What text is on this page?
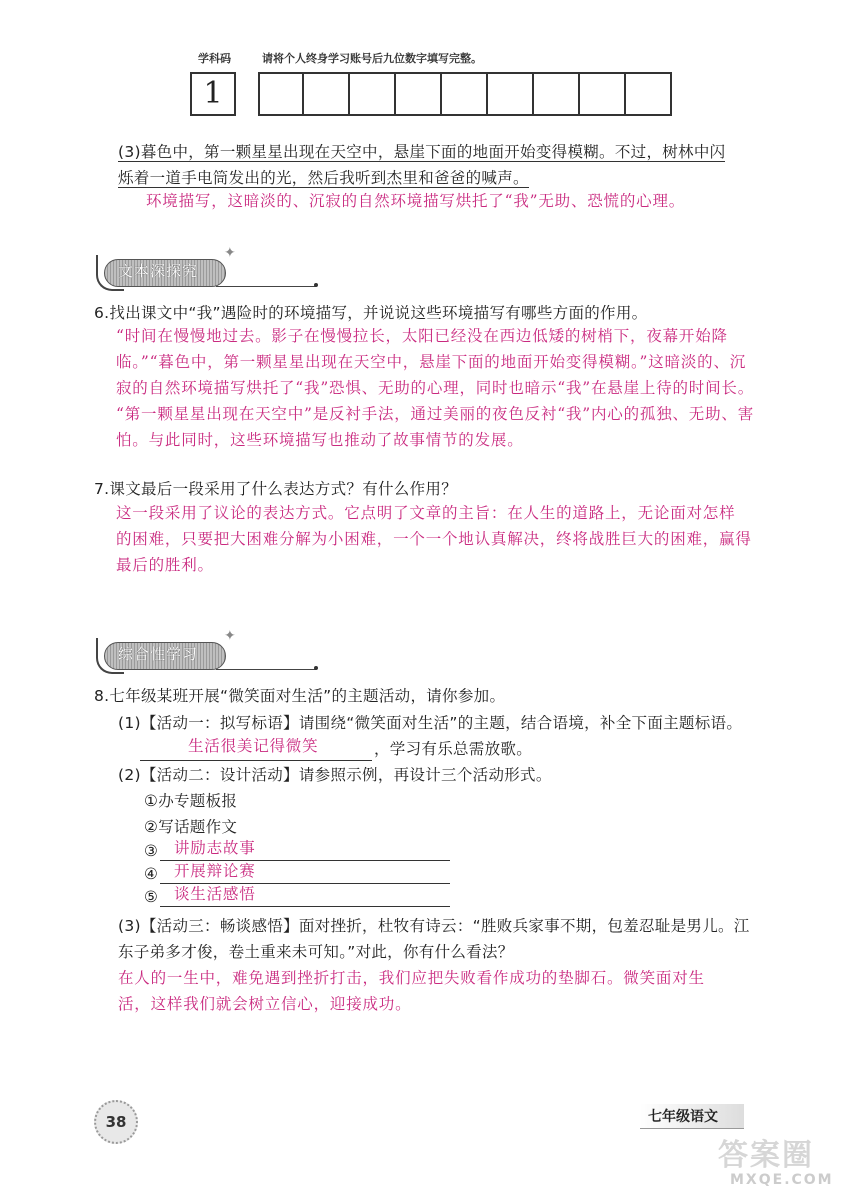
学科码	请将个人终身学习账号后九位数字填写完整。
1
(3)暮色中，第一颗星星出现在天空中，悬崖下面的地面开始变得模糊。不过，树林中闪
烁着一道手电筒发出的光，然后我听到杰里和爸爸的喊声。
环境描写，这暗淡的、沉寂的自然环境描写烘托了“我”无助、恐慌的心理。
文本深探究
✦
6.找出课文中“我”遇险时的环境描写，并说说这些环境描写有哪些方面的作用。
“时间在慢慢地过去。影子在慢慢拉长，太阳已经没在西边低矮的树梢下，夜幕开始降
临。”“暮色中，第一颗星星出现在天空中，悬崖下面的地面开始变得模糊。”这暗淡的、沉
寂的自然环境描写烘托了“我”恐惧、无助的心理，同时也暗示“我”在悬崖上待的时间长。
“第一颗星星出现在天空中”是反衬手法，通过美丽的夜色反衬“我”内心的孤独、无助、害
怕。与此同时，这些环境描写也推动了故事情节的发展。
7.课文最后一段采用了什么表达方式？有什么作用？
这一段采用了议论的表达方式。它点明了文章的主旨：在人生的道路上，无论面对怎样
的困难，只要把大困难分解为小困难，一个一个地认真解决，终将战胜巨大的困难，赢得
最后的胜利。
综合性学习
✦
8.七年级某班开展“微笑面对生活”的主题活动，请你参加。
(1)【活动一：拟写标语】请围绕“微笑面对生活”的主题，结合语境，补全下面主题标语。
生活很美记得微笑	，学习有乐总需放歌。
(2)【活动二：设计活动】请参照示例，再设计三个活动形式。
①办专题板报
②写话题作文
③ 讲励志故事
④ 开展辩论赛
⑤ 谈生活感悟
(3)【活动三：畅谈感悟】面对挫折，杜牧有诗云：“胜败兵家事不期，包羞忍耻是男儿。江
东子弟多才俊，卷土重来未可知。”对此，你有什么看法？
在人的一生中，难免遇到挫折打击，我们应把失败看作成功的垫脚石。微笑面对生
活，这样我们就会树立信心，迎接成功。
38	七年级语文
答案圈
MXQE.COM
